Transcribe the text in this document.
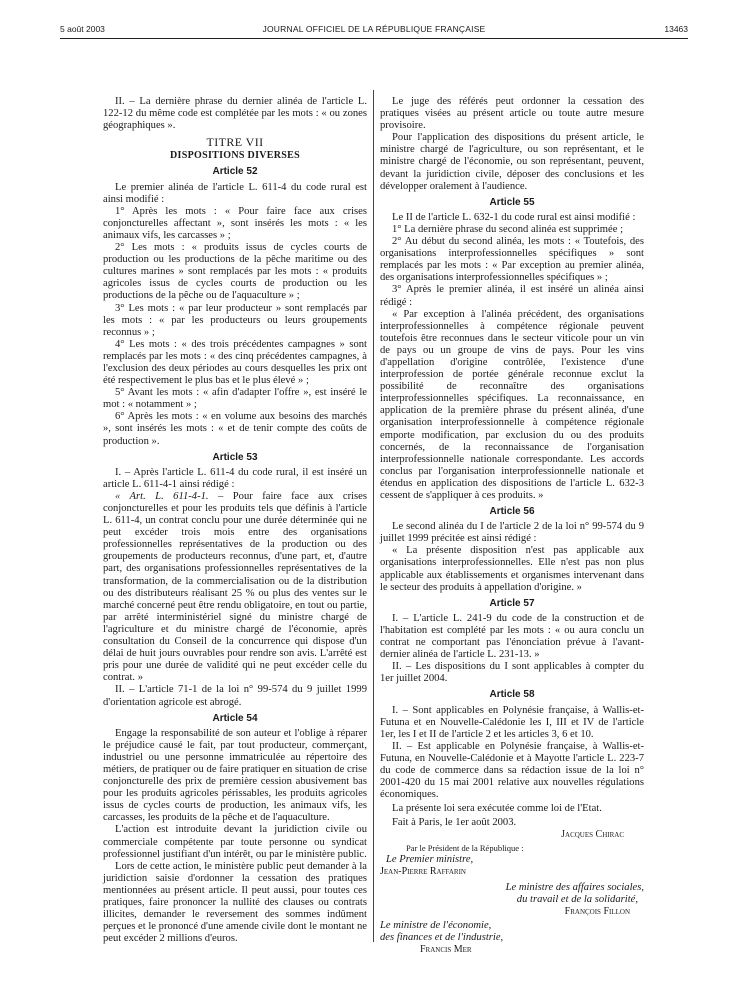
5 août 2003	JOURNAL OFFICIEL DE LA RÉPUBLIQUE FRANÇAISE	13463

II. – La dernière phrase du dernier alinéa de l'article L. 122-12 du même code est complétée par les mots : « ou zones géographiques ».

TITRE VII
DISPOSITIONS DIVERSES
Article 52

Le premier alinéa de l'article L. 611-4 du code rural est ainsi modifié :

1° Après les mots : « Pour faire face aux crises conjoncturelles affectant », sont insérés les mots : « les animaux vifs, les carcasses » ;

2° Les mots : « produits issus de cycles courts de production ou les productions de la pêche maritime ou des cultures marines » sont remplacés par les mots : « produits agricoles issus de cycles courts de production ou les productions de la pêche ou de l'aquaculture » ;

3° Les mots : « par leur producteur » sont remplacés par les mots : « par les producteurs ou leurs groupements reconnus » ;

4° Les mots : « des trois précédentes campagnes » sont remplacés par les mots : « des cinq précédentes campagnes, à l'exclusion des deux périodes au cours desquelles les prix ont été respectivement le plus bas et le plus élevé » ;

5° Avant les mots : « afin d'adapter l'offre », est inséré le mot : « notamment » ;

6° Après les mots : « en volume aux besoins des marchés », sont insérés les mots : « et de tenir compte des coûts de production ».

Article 53

I. – Après l'article L. 611-4 du code rural, il est inséré un article L. 611-4-1 ainsi rédigé :

« Art. L. 611-4-1. – Pour faire face aux crises conjoncturelles et pour les produits tels que définis à l'article L. 611-4, un contrat conclu pour une durée déterminée qui ne peut excéder trois mois entre des organisations professionnelles représentatives de la production ou des groupements de producteurs reconnus, d'une part, et, d'autre part, des organisations professionnelles représentatives de la transformation, de la commercialisation ou de la distribution ou des distributeurs réalisant 25 % ou plus des ventes sur le marché concerné peut être rendu obligatoire, en tout ou partie, par arrêté interministériel signé du ministre chargé de l'agriculture et du ministre chargé de l'économie, après consultation du Conseil de la concurrence qui dispose d'un délai de huit jours ouvrables pour rendre son avis. L'arrêté est pris pour une durée de validité qui ne peut excéder celle du contrat. »

II. – L'article 71-1 de la loi n° 99-574 du 9 juillet 1999 d'orientation agricole est abrogé.

Article 54

Engage la responsabilité de son auteur et l'oblige à réparer le préjudice causé le fait, par tout producteur, commerçant, industriel ou une personne immatriculée au répertoire des métiers, de pratiquer ou de faire pratiquer en situation de crise conjoncturelle des prix de première cession abusivement bas pour les produits agricoles périssables, les produits agricoles issus de cycles courts de production, les animaux vifs, les carcasses, les produits de la pêche et de l'aquaculture.

L'action est introduite devant la juridiction civile ou commerciale compétente par toute personne ou syndicat professionnel justifiant d'un intérêt, ou par le ministère public.

Lors de cette action, le ministère public peut demander à la juridiction saisie d'ordonner la cessation des pratiques mentionnées au présent article. Il peut aussi, pour toutes ces pratiques, faire prononcer la nullité des clauses ou contrats illicites, demander le reversement des sommes indûment perçues et le prononcé d'une amende civile dont le montant ne peut excéder 2 millions d'euros.

Le juge des référés peut ordonner la cessation des pratiques visées au présent article ou toute autre mesure provisoire.

Pour l'application des dispositions du présent article, le ministre chargé de l'agriculture, ou son représentant, et le ministre chargé de l'économie, ou son représentant, peuvent, devant la juridiction civile, déposer des conclusions et les développer oralement à l'audience.

Article 55

Le II de l'article L. 632-1 du code rural est ainsi modifié :

1° La dernière phrase du second alinéa est supprimée ;

2° Au début du second alinéa, les mots : « Toutefois, des organisations interprofessionnelles spécifiques » sont remplacés par les mots : « Par exception au premier alinéa, des organisations interprofessionnelles spécifiques » ;

3° Après le premier alinéa, il est inséré un alinéa ainsi rédigé :

« Par exception à l'alinéa précédent, des organisations interprofessionnelles à compétence régionale peuvent toutefois être reconnues dans le secteur viticole pour un vin de pays ou un groupe de vins de pays. Pour les vins d'appellation d'origine contrôlée, l'existence d'une interprofession de portée générale reconnue exclut la possibilité de reconnaître des organisations interprofessionnelles spécifiques. La reconnaissance, en application de la première phrase du présent alinéa, d'une organisation interprofessionnelle à compétence régionale emporte modification, par exclusion du ou des produits concernés, de la reconnaissance de l'organisation interprofessionnelle nationale correspondante. Les accords conclus par l'organisation interprofessionnelle nationale et étendus en application des dispositions de l'article L. 632-3 cessent de s'appliquer à ces produits. »

Article 56

Le second alinéa du I de l'article 2 de la loi n° 99-574 du 9 juillet 1999 précitée est ainsi rédigé :

« La présente disposition n'est pas applicable aux organisations interprofessionnelles. Elle n'est pas non plus applicable aux établissements et organismes intervenant dans le secteur des produits à appellation d'origine. »

Article 57

I. – L'article L. 241-9 du code de la construction et de l'habitation est complété par les mots : « ou aura conclu un contrat ne comportant pas l'énonciation prévue à l'avant-dernier alinéa de l'article L. 231-13. »

II. – Les dispositions du I sont applicables à compter du 1er juillet 2004.

Article 58

I. – Sont applicables en Polynésie française, à Wallis-et-Futuna et en Nouvelle-Calédonie les I, III et IV de l'article 1er, les I et II de l'article 2 et les articles 3, 6 et 10.

II. – Est applicable en Polynésie française, à Wallis-et-Futuna, en Nouvelle-Calédonie et à Mayotte l'article L. 223-7 du code de commerce dans sa rédaction issue de la loi n° 2001-420 du 15 mai 2001 relative aux nouvelles régulations économiques.

La présente loi sera exécutée comme loi de l'Etat.

Fait à Paris, le 1er août 2003.

Jacques Chirac
Par le Président de la République :
Le Premier ministre,
Jean-Pierre Raffarin
Le ministre des affaires sociales,
du travail et de la solidarité,
François Fillon
Le ministre de l'économie,
des finances et de l'industrie,
Francis Mer
